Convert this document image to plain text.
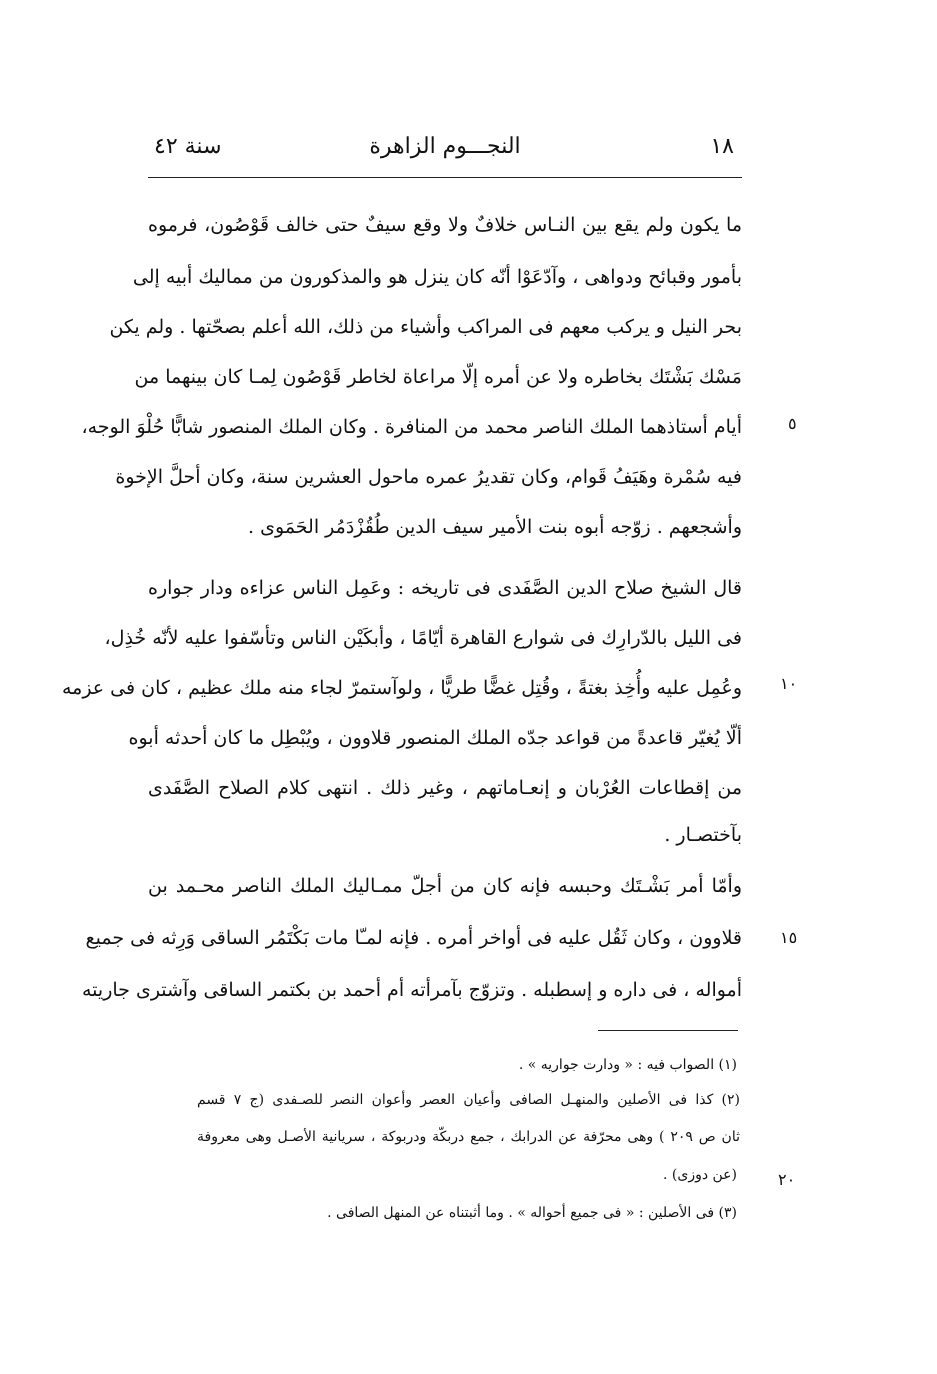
١٨
النجـــوم الزاهرة
سنة ٤٢
ما يكون ولم يقع بين النـاس خلافٌ ولا وقع سيفٌ حتى خالف قَوْصُون، فرموه
بأمور وقبائح ودواهى ، وآدّعَوْا أنّه كان ينزل هو والمذكورون من مماليك أبيه إلى
بحر النيل و يركب معهم فى المراكب وأشياء من ذلك، الله أعلم بصحّتها . ولم يكن
مَسْك بَشْتَك بخاطره ولا عن أمره إلّا مراعاة لخاطر قَوْصُون لِمـا كان بينهما من
أيام أستاذهما الملك الناصر محمد من المنافرة . وكان الملك المنصور شابًّا حُلْوَ الوجه،
فيه سُمْرة وهَيَفُ قَوام، وكان تقديرُ عمره ماحول العشرين سنة، وكان أحلَّ الإخوة
وأشجعهم . زوّجه أبوه بنت الأمير سيف الدين طُقُزْدَمُر الحَمَوى .
قال الشيخ صلاح الدين الصَّفَدى فى تاريخه : وعَمِل الناس عزاءه ودار جواره
فى الليل بالدّرارِك فى شوارع القاهرة أيّامًا ، وأبكَيْن الناس وتأسّفوا عليه لأنّه خُذِل،
وعُمِل عليه وأُخِذ بغتةً ، وقُتِل غضًّا طريًّا ، ولوآستمرّ لجاء منه ملك عظيم ، كان فى عزمه
ألّا يُغيّر قاعدةً من قواعد جدّه الملك المنصور قلاوون ، ويُبْطِل ما كان أحدثه أبوه
من إقطاعات العُرْبان و إنعـاماتهم ، وغير ذلك . انتهى كلام الصلاح الصَّفَدى
بآختصـار .
وأمّا أمر بَشْـتَك وحبسه فإنه كان من أجلّ ممـاليك الملك الناصر محـمد بن
قلاوون ، وكان ثَقُل عليه فى أواخر أمره . فإنه لمـّا مات بَكْتَمُر الساقى وَرِثه فى جميع
أمواله ، فى داره و إسطبله . وتزوّج بآمرأته أم أحمد بن بكتمر الساقى وآشترى جاريته
٥
١٠
١٥
(١) الصواب فيه : « ودارت جواريه » .
(٢) كذا فى الأصلين والمنهـل الصافى وأعيان العصر وأعوان النصر للصـفدى (ج ٧ قسم
ثان ص ٢٠٩ ) وهى محرّفة عن الدرابك ، جمع دربكّة ودربوكة ، سريانية الأصـل وهى معروفة
(عن دوزى) .
(٣) فى الأصلين : « فى جميع أحواله » . وما أثبتناه عن المنهل الصافى .
٢٠
